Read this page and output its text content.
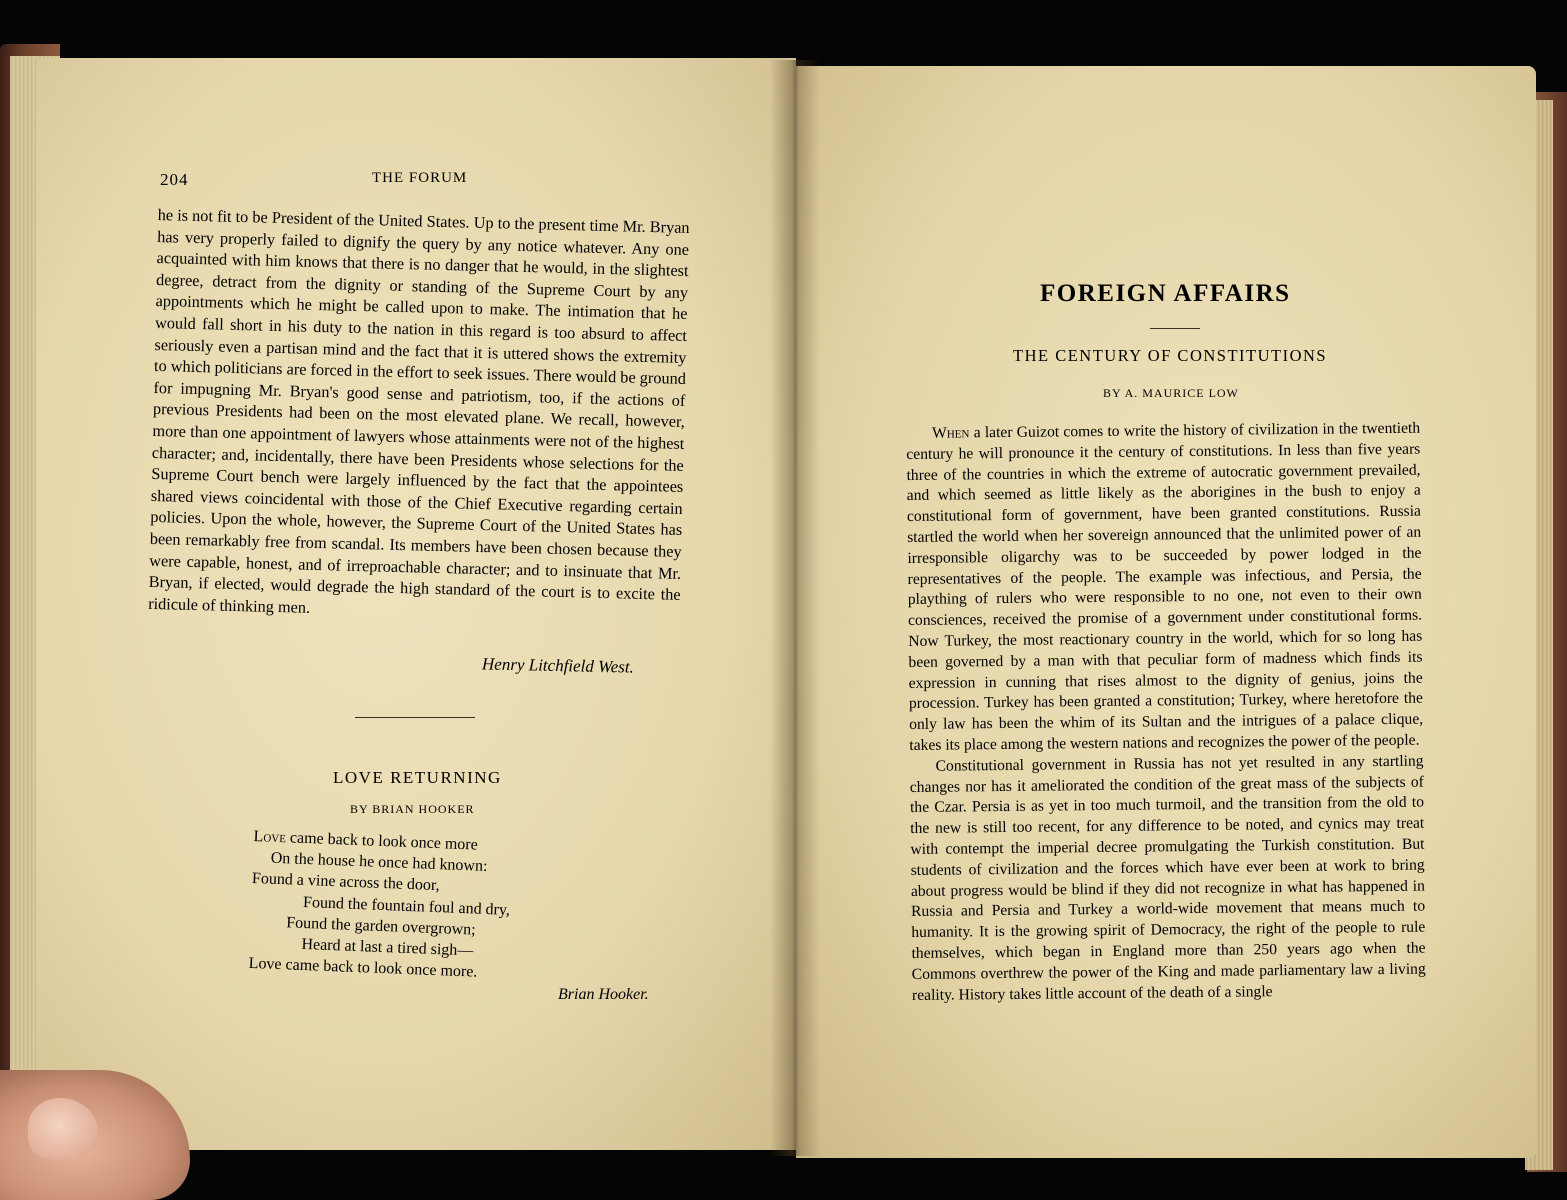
204	THE FORUM

he is not fit to be President of the United States. Up to the present time Mr. Bryan has very properly failed to dignify the query by any notice whatever. Any one acquainted with him knows that there is no danger that he would, in the slightest degree, detract from the dignity or standing of the Supreme Court by any appointments which he might be called upon to make. The intimation that he would fall short in his duty to the nation in this regard is too absurd to affect seriously even a partisan mind and the fact that it is uttered shows the extremity to which politicians are forced in the effort to seek issues. There would be ground for impugning Mr. Bryan's good sense and patriotism, too, if the actions of previous Presidents had been on the most elevated plane. We recall, however, more than one appointment of lawyers whose attainments were not of the highest character; and, incidentally, there have been Presidents whose selections for the Supreme Court bench were largely influenced by the fact that the appointees shared views coincidental with those of the Chief Executive regarding certain policies. Upon the whole, however, the Supreme Court of the United States has been remarkably free from scandal. Its members have been chosen because they were capable, honest, and of irreproachable character; and to insinuate that Mr. Bryan, if elected, would degrade the high standard of the court is to excite the ridicule of thinking men.

Henry Litchfield West.
LOVE RETURNING
BY BRIAN HOOKER
Love came back to look once more
On the house he once had known:
Found a vine across the door,
Found the fountain foul and dry,
Found the garden overgrown;
Heard at last a tired sigh—
Love came back to look once more.
Brian Hooker.
FOREIGN AFFAIRS
THE CENTURY OF CONSTITUTIONS
BY A. MAURICE LOW

When a later Guizot comes to write the history of civilization in the twentieth century he will pronounce it the century of constitutions. In less than five years three of the countries in which the extreme of autocratic government prevailed, and which seemed as little likely as the aborigines in the bush to enjoy a constitutional form of government, have been granted constitutions. Russia startled the world when her sovereign announced that the unlimited power of an irresponsible oligarchy was to be succeeded by power lodged in the representatives of the people. The example was infectious, and Persia, the plaything of rulers who were responsible to no one, not even to their own consciences, received the promise of a government under constitutional forms. Now Turkey, the most reactionary country in the world, which for so long has been governed by a man with that peculiar form of madness which finds its expression in cunning that rises almost to the dignity of genius, joins the procession. Turkey has been granted a constitution; Turkey, where heretofore the only law has been the whim of its Sultan and the intrigues of a palace clique, takes its place among the western nations and recognizes the power of the people.

Constitutional government in Russia has not yet resulted in any startling changes nor has it ameliorated the condition of the great mass of the subjects of the Czar. Persia is as yet in too much turmoil, and the transition from the old to the new is still too recent, for any difference to be noted, and cynics may treat with contempt the imperial decree promulgating the Turkish constitution. But students of civilization and the forces which have ever been at work to bring about progress would be blind if they did not recognize in what has happened in Russia and Persia and Turkey a world-wide movement that means much to humanity. It is the growing spirit of Democracy, the right of the people to rule themselves, which began in England more than 250 years ago when the Commons overthrew the power of the King and made parliamentary law a living reality. History takes little account of the death of a single
